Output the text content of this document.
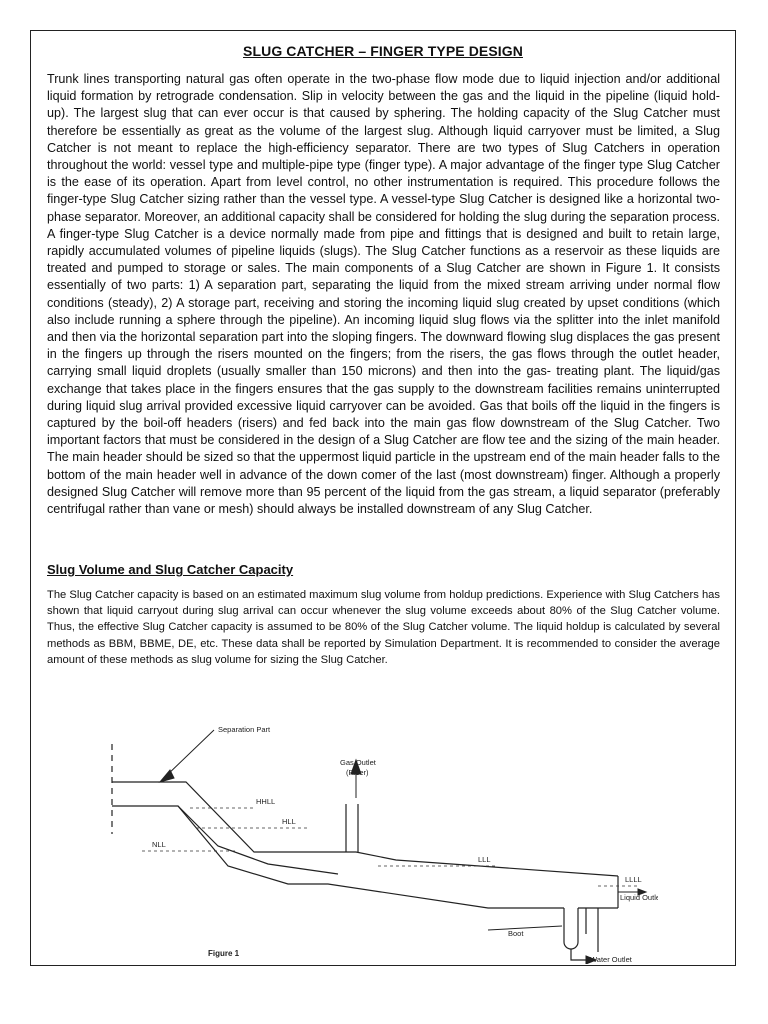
SLUG CATCHER – FINGER TYPE DESIGN

Trunk lines transporting natural gas often operate in the two-phase flow mode due to liquid injection and/or additional liquid formation by retrograde condensation. Slip in velocity between the gas and the liquid in the pipeline (liquid hold-up). The largest slug that can ever occur is that caused by sphering. The holding capacity of the Slug Catcher must therefore be essentially as great as the volume of the largest slug. Although liquid carryover must be limited, a Slug Catcher is not meant to replace the high-efficiency separator. There are two types of Slug Catchers in operation throughout the world: vessel type and multiple-pipe type (finger type). A major advantage of the finger type Slug Catcher is the ease of its operation. Apart from level control, no other instrumentation is required. This procedure follows the finger-type Slug Catcher sizing rather than the vessel type. A vessel-type Slug Catcher is designed like a horizontal two-phase separator. Moreover, an additional capacity shall be considered for holding the slug during the separation process. A finger-type Slug Catcher is a device normally made from pipe and fittings that is designed and built to retain large, rapidly accumulated volumes of pipeline liquids (slugs). The Slug Catcher functions as a reservoir as these liquids are treated and pumped to storage or sales. The main components of a Slug Catcher are shown in Figure 1. It consists essentially of two parts: 1) A separation part, separating the liquid from the mixed stream arriving under normal flow conditions (steady), 2) A storage part, receiving and storing the incoming liquid slug created by upset conditions (which also include running a sphere through the pipeline). An incoming liquid slug flows via the splitter into the inlet manifold and then via the horizontal separation part into the sloping fingers. The downward flowing slug displaces the gas present in the fingers up through the risers mounted on the fingers; from the risers, the gas flows through the outlet header, carrying small liquid droplets (usually smaller than 150 microns) and then into the gas- treating plant. The liquid/gas exchange that takes place in the fingers ensures that the gas supply to the downstream facilities remains uninterrupted during liquid slug arrival provided excessive liquid carryover can be avoided. Gas that boils off the liquid in the fingers is captured by the boil-off headers (risers) and fed back into the main gas flow downstream of the Slug Catcher. Two important factors that must be considered in the design of a Slug Catcher are flow tee and the sizing of the main header. The main header should be sized so that the uppermost liquid particle in the upstream end of the main header falls to the bottom of the main header well in advance of the down comer of the last (most downstream) finger. Although a properly designed Slug Catcher will remove more than 95 percent of the liquid from the gas stream, a liquid separator (preferably centrifugal rather than vane or mesh) should always be installed downstream of any Slug Catcher.

Slug Volume and Slug Catcher Capacity

The Slug Catcher capacity is based on an estimated maximum slug volume from holdup predictions. Experience with Slug Catchers has shown that liquid carryout during slug arrival can occur whenever the slug volume exceeds about 80% of the Slug Catcher volume. Thus, the effective Slug Catcher capacity is assumed to be 80% of the Slug Catcher volume. The liquid holdup is calculated by several methods as BBM, BBME, DE, etc. These data shall be reported by Simulation Department. It is recommended to consider the average amount of these methods as slug volume for sizing the Slug Catcher.

Separation Part
Gas Outlet
(Riser)
HHLL
HLL
NLL
LLL
LLLL
Liquid Outlet
Boot
Water Outlet
Figure 1
